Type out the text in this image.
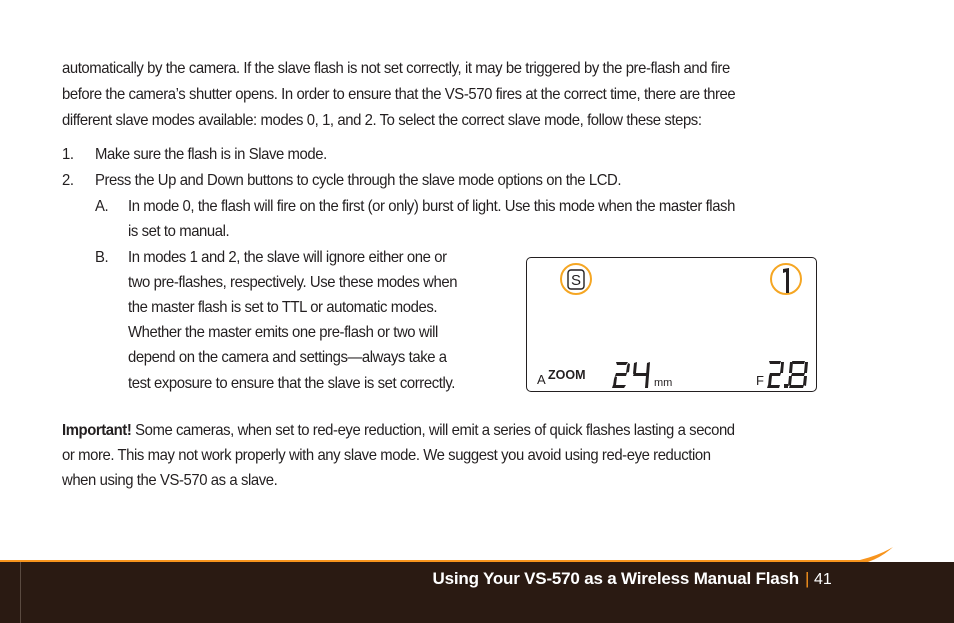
automatically by the camera. If the slave flash is not set correctly, it may be triggered by the pre-flash and fire
before the camera’s shutter opens. In order to ensure that the VS-570 fires at the correct time, there are three
different slave modes available: modes 0, 1, and 2. To select the correct slave mode, follow these steps:
1. Make sure the flash is in Slave mode.
2. Press the Up and Down buttons to cycle through the slave mode options on the LCD.
A. In mode 0, the flash will fire on the first (or only) burst of light. Use this mode when the master flash
is set to manual.
B. In modes 1 and 2, the slave will ignore either one or
two pre-flashes, respectively. Use these modes when
the master flash is set to TTL or automatic modes.
Whether the master emits one pre-flash or two will
depend on the camera and settings—always take a
test exposure to ensure that the slave is set correctly.
S
A ZOOM
mm	F
Important! Some cameras, when set to red-eye reduction, will emit a series of quick flashes lasting a second
or more. This may not work properly with any slave mode. We suggest you avoid using red-eye reduction
when using the VS-570 as a slave.
Using Your VS-570 as a Wireless Manual Flash | 41
